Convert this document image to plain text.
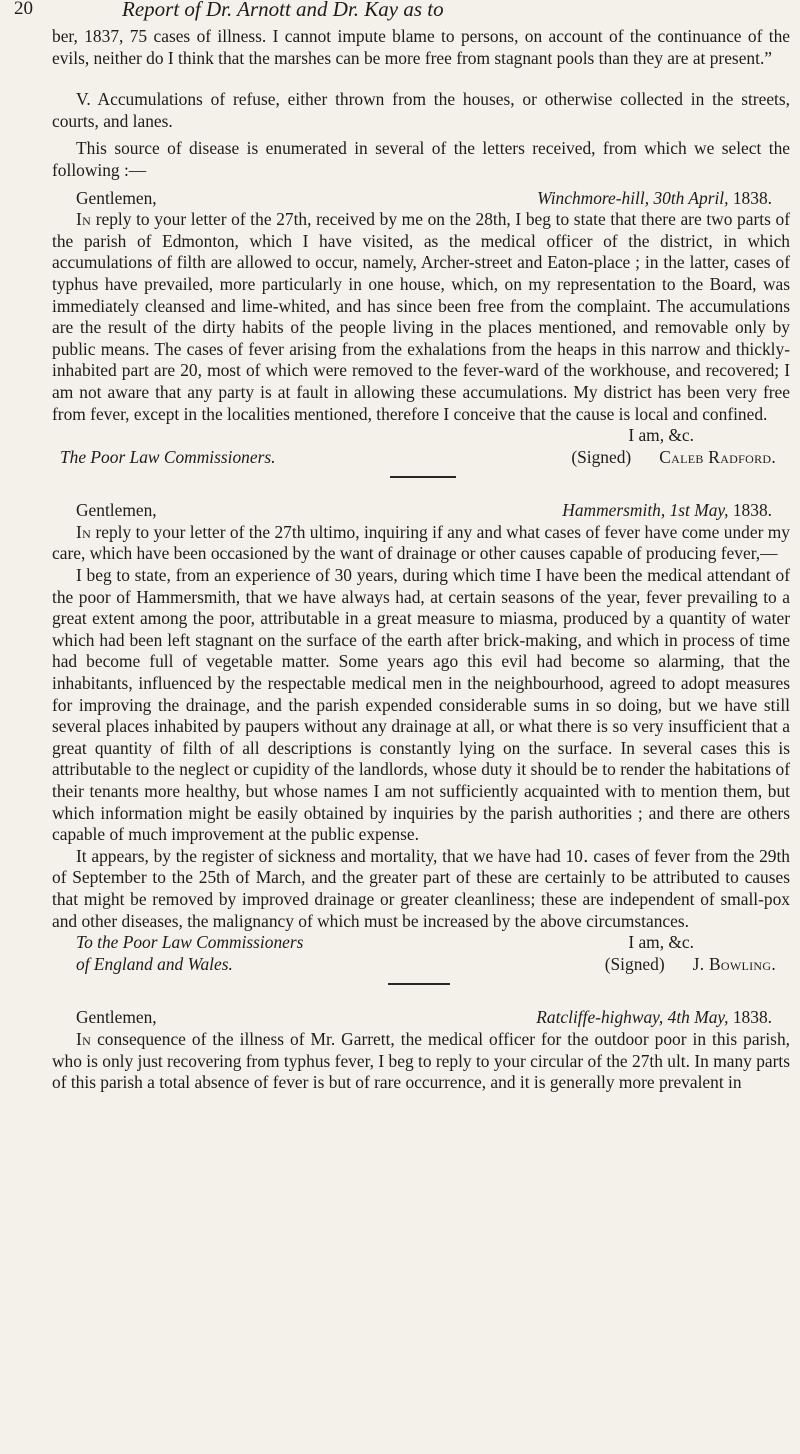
20	Report of Dr. Arnott and Dr. Kay as to

ber, 1837, 75 cases of illness. I cannot impute blame to persons, on account of the continuance of the evils, neither do I think that the marshes can be more free from stagnant pools than they are at present.”

V. Accumulations of refuse, either thrown from the houses, or otherwise collected in the streets, courts, and lanes.

This source of disease is enumerated in several of the letters received, from which we select the following :—

Gentlemen,	Winchmore-hill, 30th April, 1838.

In reply to your letter of the 27th, received by me on the 28th, I beg to state that there are two parts of the parish of Edmonton, which I have visited, as the medical officer of the district, in which accumulations of filth are allowed to occur, namely, Archer-street and Eaton-place ; in the latter, cases of typhus have prevailed, more particularly in one house, which, on my representation to the Board, was immediately cleansed and lime-whited, and has since been free from the complaint. The accumulations are the result of the dirty habits of the people living in the places mentioned, and removable only by public means. The cases of fever arising from the exhalations from the heaps in this narrow and thickly-inhabited part are 20, most of which were removed to the fever-ward of the workhouse, and recovered; I am not aware that any party is at fault in allowing these accumulations. My district has been very free from fever, except in the localities mentioned, therefore I conceive that the cause is local and confined.

I am, &c.
The Poor Law Commissioners.	(Signed) Caleb Radford.
Gentlemen,	Hammersmith, 1st May, 1838.

In reply to your letter of the 27th ultimo, inquiring if any and what cases of fever have come under my care, which have been occasioned by the want of drainage or other causes capable of producing fever,—

I beg to state, from an experience of 30 years, during which time I have been the medical attendant of the poor of Hammersmith, that we have always had, at certain seasons of the year, fever prevailing to a great extent among the poor, attributable in a great measure to miasma, produced by a quantity of water which had been left stagnant on the surface of the earth after brick-making, and which in process of time had become full of vegetable matter. Some years ago this evil had become so alarming, that the inhabitants, influenced by the respectable medical men in the neighbourhood, agreed to adopt measures for improving the drainage, and the parish expended considerable sums in so doing, but we have still several places inhabited by paupers without any drainage at all, or what there is so very insufficient that a great quantity of filth of all descriptions is constantly lying on the surface. In several cases this is attributable to the neglect or cupidity of the landlords, whose duty it should be to render the habitations of their tenants more healthy, but whose names I am not sufficiently acquainted with to mention them, but which information might be easily obtained by inquiries by the parish authorities ; and there are others capable of much improvement at the public expense.

It appears, by the register of sickness and mortality, that we have had 10․ cases of fever from the 29th of September to the 25th of March, and the greater part of these are certainly to be attributed to causes that might be removed by improved drainage or greater cleanliness; these are independent of small-pox and other diseases, the malignancy of which must be increased by the above circumstances.

To the Poor Law Commissioners	I am, &c.
of England and Wales.	(Signed) J. Bowling.
Gentlemen,	Ratcliffe-highway, 4th May, 1838.

In consequence of the illness of Mr. Garrett, the medical officer for the outdoor poor in this parish, who is only just recovering from typhus fever, I beg to reply to your circular of the 27th ult. In many parts of this parish a total absence of fever is but of rare occurrence, and it is generally more prevalent in
